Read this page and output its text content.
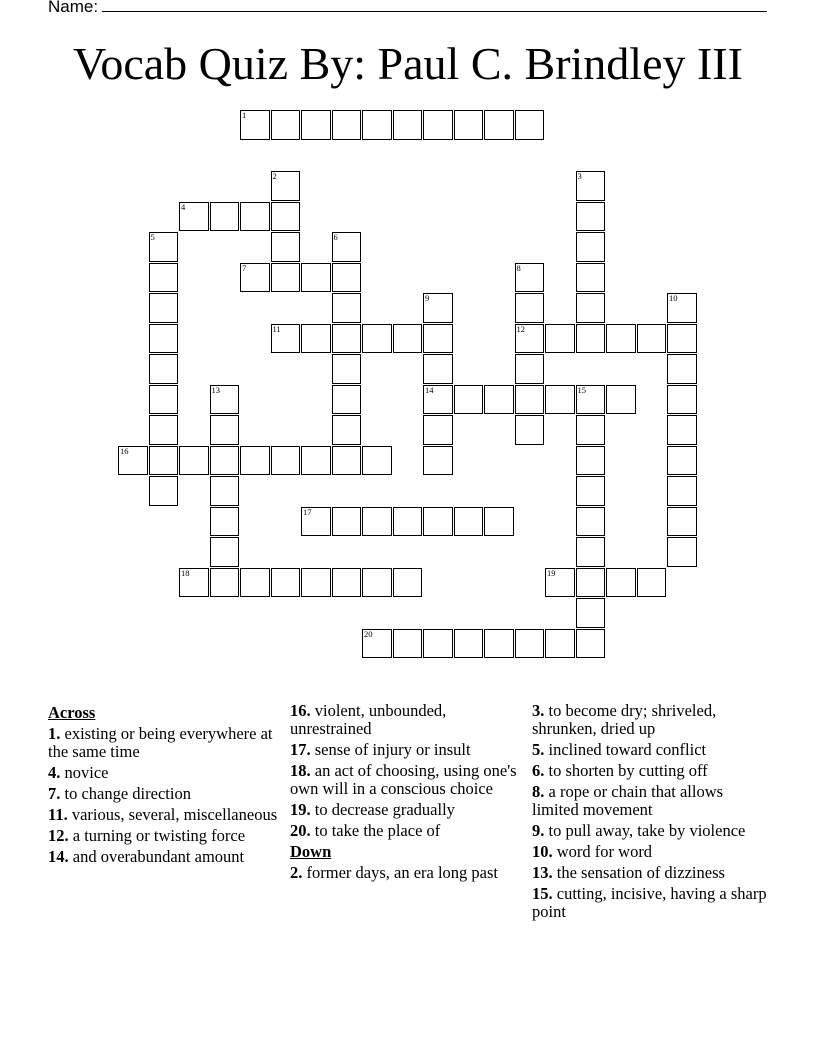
Name:
Vocab Quiz By: Paul C. Brindley III
1
2	3
4
5	6
7	8
9	10
11	12
13	14	15
16
17
18	19
20
Across
1. existing or being everywhere at the same time
4. novice
7. to change direction
11. various, several, miscellaneous
12. a turning or twisting force
14. and overabundant amount
16. violent, unbounded, unrestrained
17. sense of injury or insult
18. an act of choosing, using one's own will in a conscious choice
19. to decrease gradually
20. to take the place of
Down
2. former days, an era long past
3. to become dry; shriveled, shrunken, dried up
5. inclined toward conflict
6. to shorten by cutting off
8. a rope or chain that allows limited movement
9. to pull away, take by violence
10. word for word
13. the sensation of dizziness
15. cutting, incisive, having a sharp point
